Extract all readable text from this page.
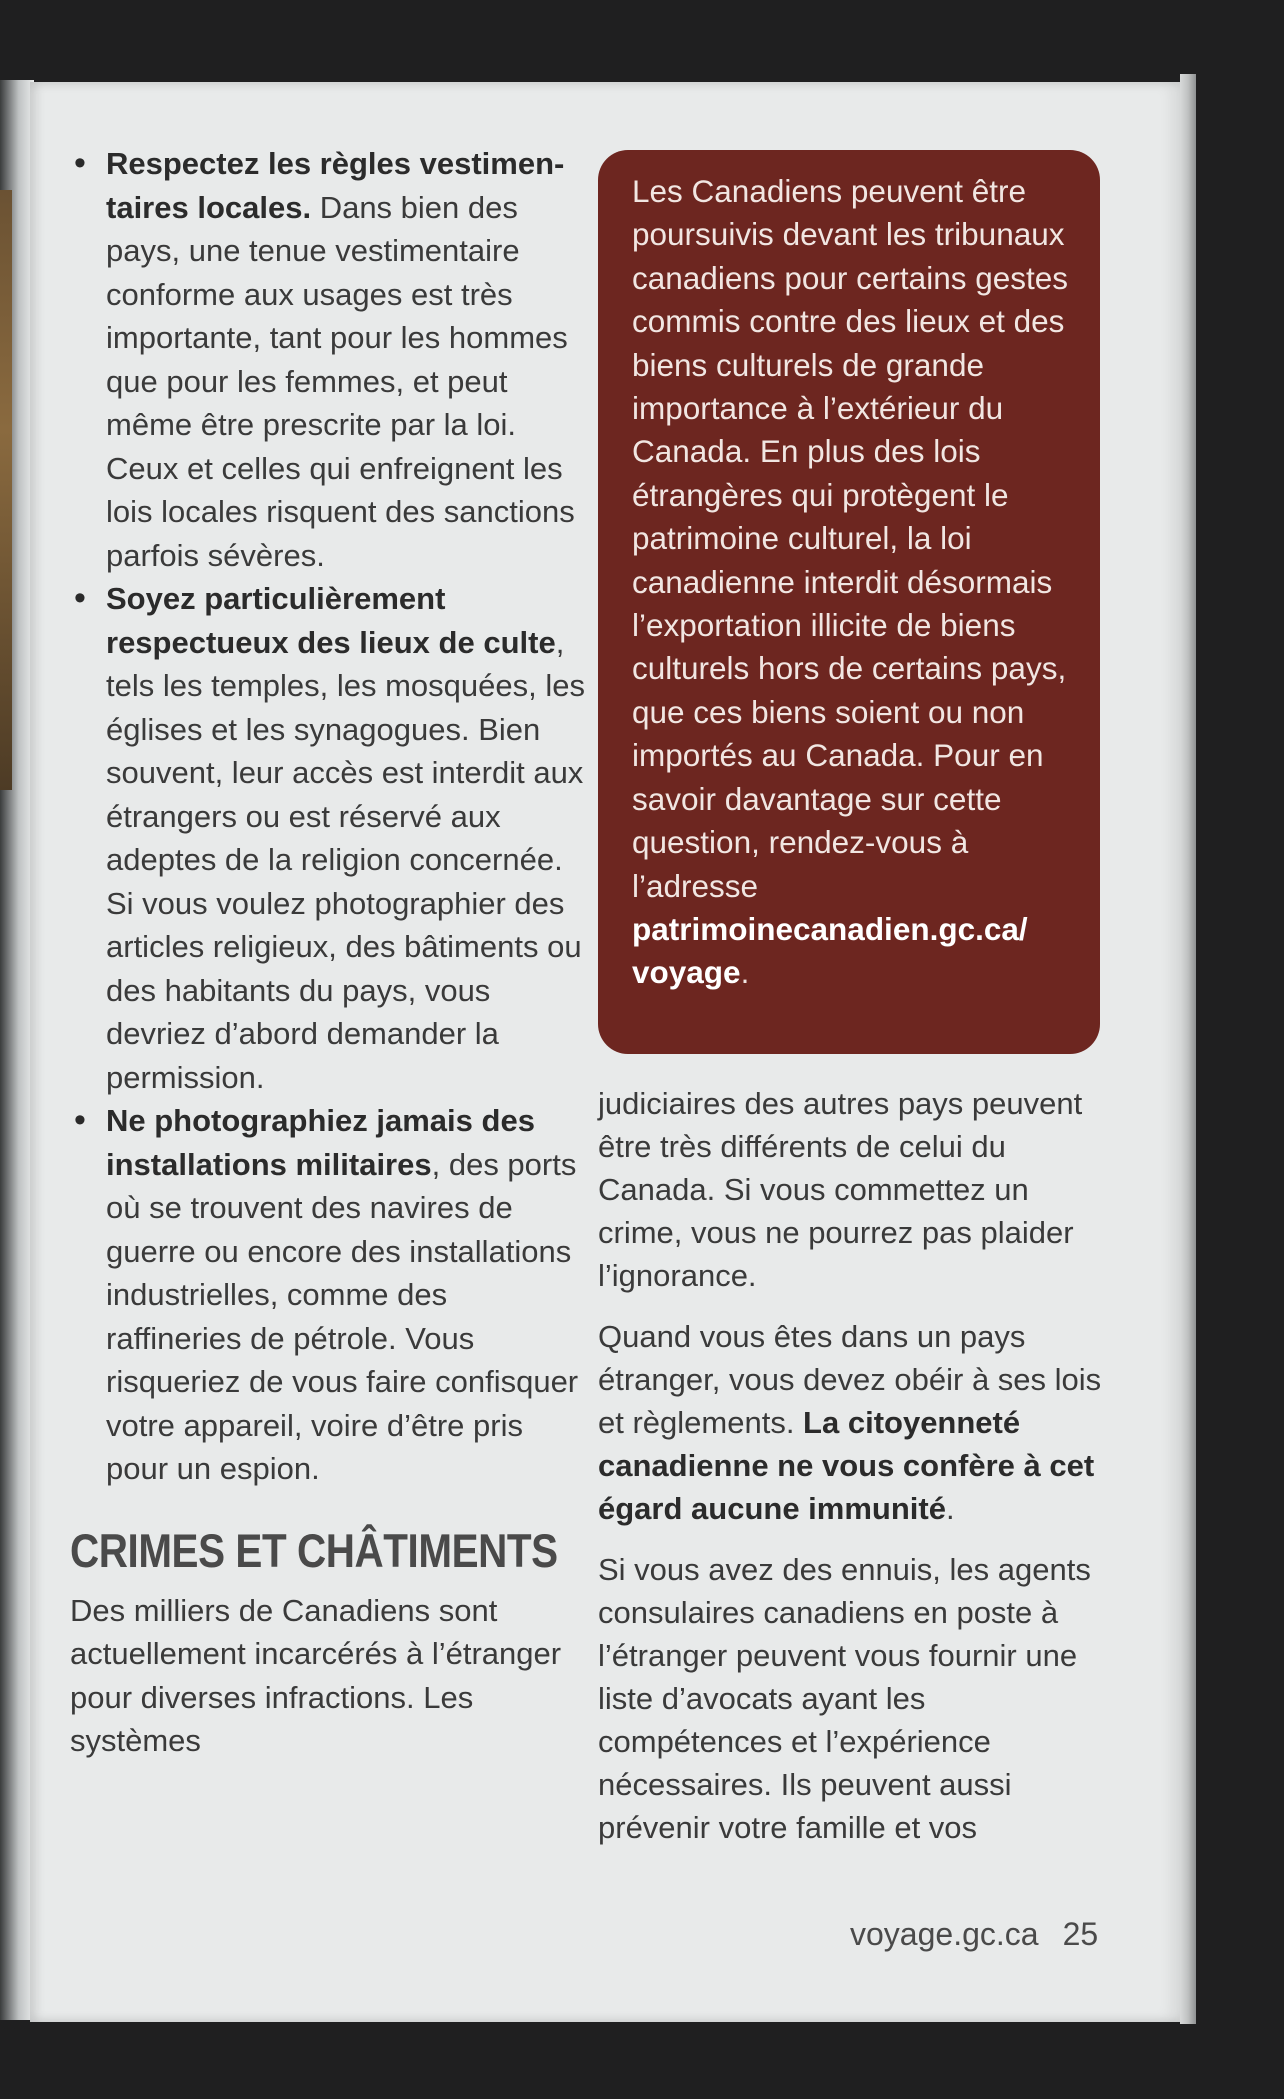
• Respectez les règles vestimentaires locales. Dans bien des pays, une tenue vestimentaire conforme aux usages est très importante, tant pour les hommes que pour les femmes, et peut même être prescrite par la loi. Ceux et celles qui enfreignent les lois locales risquent des sanctions parfois sévères.
• Soyez particulièrement respectueux des lieux de culte, tels les temples, les mosquées, les églises et les synagogues. Bien souvent, leur accès est interdit aux étrangers ou est réservé aux adeptes de la religion concernée. Si vous voulez photographier des articles religieux, des bâtiments ou des habitants du pays, vous devriez d’abord demander la permission.
• Ne photographiez jamais des installations militaires, des ports où se trouvent des navires de guerre ou encore des installations industrielles, comme des raffineries de pétrole. Vous risqueriez de vous faire confisquer votre appareil, voire d’être pris pour un espion.
CRIMES ET CHÂTIMENTS

Des milliers de Canadiens sont actuellement incarcérés à l’étranger pour diverses infractions. Les systèmes

Les Canadiens peuvent être poursuivis devant les tribunaux canadiens pour certains gestes commis contre des lieux et des biens culturels de grande importance à l’extérieur du Canada. En plus des lois étrangères qui protègent le patrimoine culturel, la loi canadienne interdit désormais l’exportation illicite de biens culturels hors de certains pays, que ces biens soient ou non importés au Canada. Pour en savoir davantage sur cette question, rendez-vous à l’adresse patrimoinecanadien.gc.ca/ voyage.

judiciaires des autres pays peuvent être très différents de celui du Canada. Si vous commettez un crime, vous ne pourrez pas plaider l’ignorance.

Quand vous êtes dans un pays étranger, vous devez obéir à ses lois et règlements. La citoyenneté canadienne ne vous confère à cet égard aucune immunité.

Si vous avez des ennuis, les agents consulaires canadiens en poste à l’étranger peuvent vous fournir une liste d’avocats ayant les compétences et l’expérience nécessaires. Ils peuvent aussi prévenir votre famille et vos

voyage.gc.ca 25
